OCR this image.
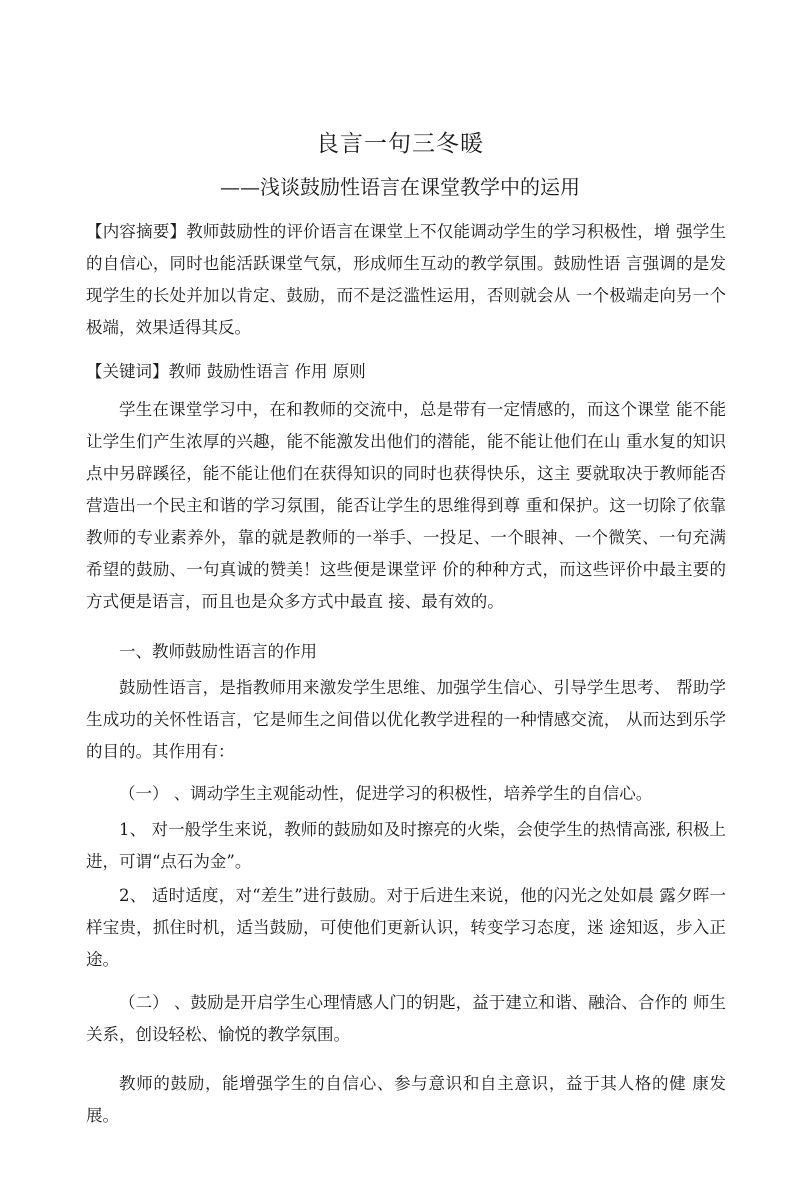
良言一句三冬暖
——浅谈鼓励性语言在课堂教学中的运用
【内容摘要】教师鼓励性的评价语言在课堂上不仅能调动学生的学习积极性，增 强学生的自信心，同时也能活跃课堂气氛，形成师生互动的教学氛围。鼓励性语 言强调的是发现学生的长处并加以肯定、鼓励，而不是泛滥性运用，否则就会从 一个极端走向另一个极端，效果适得其反。
【关键词】教师 鼓励性语言 作用 原则
学生在课堂学习中，在和教师的交流中，总是带有一定情感的，而这个课堂 能不能让学生们产生浓厚的兴趣，能不能激发出他们的潜能，能不能让他们在山 重水复的知识点中另辟蹊径，能不能让他们在获得知识的同时也获得快乐，这主 要就取决于教师能否营造出一个民主和谐的学习氛围，能否让学生的思维得到尊 重和保护。这一切除了依靠教师的专业素养外，靠的就是教师的一举手、一投足、一个眼神、一个微笑、一句充满希望的鼓励、一句真诚的赞美！这些便是课堂评 价的种种方式，而这些评价中最主要的方式便是语言，而且也是众多方式中最直 接、最有效的。
一、教师鼓励性语言的作用
鼓励性语言，是指教师用来激发学生思维、加强学生信心、引导学生思考、 帮助学生成功的关怀性语言，它是师生之间借以优化教学进程的一种情感交流， 从而达到乐学的目的。其作用有：
（一） 、调动学生主观能动性，促进学习的积极性，培养学生的自信心。
1、 对一般学生来说，教师的鼓励如及时擦亮的火柴，会使学生的热情高涨, 积极上进，可谓“点石为金”。
2、 适时适度，对“差生”进行鼓励。对于后进生来说，他的闪光之处如晨 露夕晖一样宝贵，抓住时机，适当鼓励，可使他们更新认识，转变学习态度，迷 途知返，步入正途。
（二） 、鼓励是开启学生心理情感人门的钥匙，益于建立和谐、融洽、合作的 师生关系，创设轻松、愉悦的教学氛围。
教师的鼓励，能增强学生的自信心、参与意识和自主意识，益于其人格的健 康发展。
